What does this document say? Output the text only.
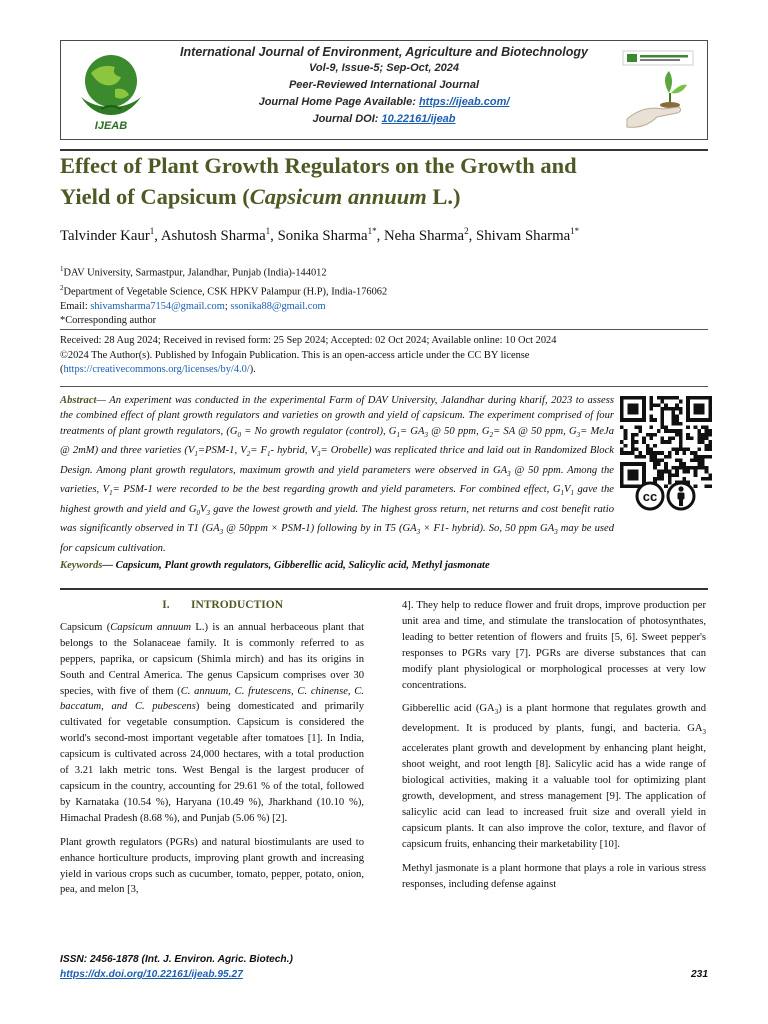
IJEAB
International Journal of Environment, Agriculture and Biotechnology
Vol-9, Issue-5; Sep-Oct, 2024
Peer-Reviewed International Journal
Journal Home Page Available: https://ijeab.com/
Journal DOI: 10.22161/ijeab
Effect of Plant Growth Regulators on the Growth and
Yield of Capsicum (Capsicum annuum L.)
Talvinder Kaur$^1$, Ashutosh Sharma$^1$, Sonika Sharma$^{1*}$, Neha Sharma$^2$, Shivam Sharma$^{1*}$
$^1$DAV University, Sarmastpur, Jalandhar, Punjab (India)-144012
$^2$Department of Vegetable Science, CSK HPKV Palampur (H.P), India-176062
Email: shivamsharma7154@gmail.com; ssonika88@gmail.com
*Corresponding author
Received: 28 Aug 2024; Received in revised form: 25 Sep 2024; Accepted: 02 Oct 2024; Available online: 10 Oct 2024
©2024 The Author(s). Published by Infogain Publication. This is an open-access article under the CC BY license
(https://creativecommons.org/licenses/by/4.0/).

Abstract— An experiment was conducted in the experimental Farm of DAV University, Jalandhar during kharif, 2023 to assess the combined effect of plant growth regulators and varieties on growth and yield of capsicum. The experiment comprised of four treatments of plant growth regulators, ($G_0 = No$ growth regulator (control), $G_1= GA_3$ @ 50 ppm, $G_2=$ SA @ 50 ppm, $G_3=$ MeJa @ 2mM) and three varieties ($V_1=PSM-1$, $V_2= F_1-$ hybrid, $V_3=$ Orobelle) was replicated thrice and laid out in Randomized Block Design. Among plant growth regulators, maximum growth and yield parameters were observed in $GA_3$ @ 50 ppm. Among the varieties, $V_1= PSM-1$ were recorded to be the best regarding growth and yield parameters. For combined effect, $G_1V_1$ gave the highest growth and yield and $G_0V_3$ gave the lowest growth and yield. The highest gross return, net returns and cost benefit ratio was significantly observed in T1 ($GA_3$ @ 50ppm × PSM-1) following by in T5 ($GA_3 \times F1-$ hybrid). So, 50 ppm $GA_3$ may be used for capsicum cultivation.

cc
Keywords— Capsicum, Plant growth regulators, Gibberellic acid, Salicylic acid, Methyl jasmonate
I. INTRODUCTION

Capsicum (Capsicum annuum L.) is an annual herbaceous plant that belongs to the Solanaceae family. It is commonly referred to as peppers, paprika, or capsicum (Shimla mirch) and has its origins in South and Central America. The genus Capsicum comprises over 30 species, with five of them (C. annuum, C. frutescens, C. chinense, C. baccatum, and C. pubescens) being domesticated and primarily cultivated for vegetable consumption. Capsicum is considered the world's second-most important vegetable after tomatoes [1]. In India, capsicum is cultivated across 24,000 hectares, with a total production of 3.21 lakh metric tons. West Bengal is the largest producer of capsicum in the country, accounting for 29.61 % of the total, followed by Karnataka (10.54 %), Haryana (10.49 %), Jharkhand (10.10 %), Himachal Pradesh (8.68 %), and Punjab (5.06 %) [2].

Plant growth regulators (PGRs) and natural biostimulants are used to enhance horticulture products, improving plant growth and increasing yield in various crops such as cucumber, tomato, pepper, potato, onion, pea, and melon [3,

4]. They help to reduce flower and fruit drops, improve production per unit area and time, and stimulate the translocation of photosynthates, leading to better retention of flowers and fruits [5, 6]. Sweet pepper's responses to PGRs vary [7]. PGRs are diverse substances that can modify plant physiological or morphological processes at very low concentrations.

Gibberellic acid $(GA_3)$ is a plant hormone that regulates growth and development. It is produced by plants, fungi, and bacteria. $GA_3$ accelerates plant growth and development by enhancing plant height, shoot weight, and root length [8]. Salicylic acid has a wide range of biological activities, making it a valuable tool for optimizing plant growth, development, and stress management [9]. The application of salicylic acid can lead to increased fruit size and overall yield in capsicum plants. It can also improve the color, texture, and flavor of capsicum fruits, enhancing their marketability [10].

Methyl jasmonate is a plant hormone that plays a role in various stress responses, including defense against

ISSN: 2456-1878 (Int. J. Environ. Agric. Biotech.)
https://dx.doi.org/10.22161/ijeab.95.27	231
